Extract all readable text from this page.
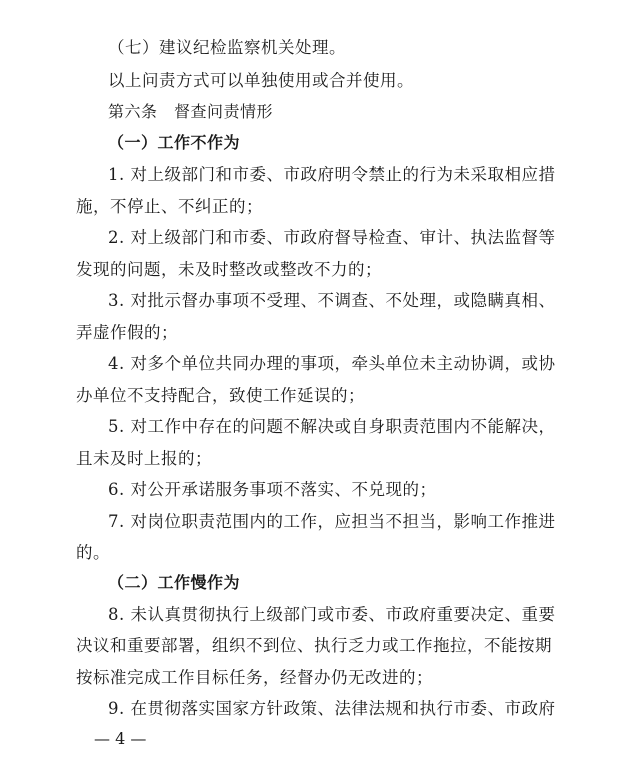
（七）建议纪检监察机关处理。
以上问责方式可以单独使用或合并使用。
第六条　督查问责情形
（一）工作不作为
1. 对上级部门和市委、市政府明令禁止的行为未采取相应措
施，不停止、不纠正的；
2. 对上级部门和市委、市政府督导检查、审计、执法监督等
发现的问题，未及时整改或整改不力的；
3. 对批示督办事项不受理、不调查、不处理，或隐瞒真相、
弄虚作假的；
4. 对多个单位共同办理的事项，牵头单位未主动协调，或协
办单位不支持配合，致使工作延误的；
5. 对工作中存在的问题不解决或自身职责范围内不能解决，
且未及时上报的；
6. 对公开承诺服务事项不落实、不兑现的；
7. 对岗位职责范围内的工作，应担当不担当，影响工作推进
的。
（二）工作慢作为
8. 未认真贯彻执行上级部门或市委、市政府重要决定、重要
决议和重要部署，组织不到位、执行乏力或工作拖拉，不能按期
按标准完成工作目标任务，经督办仍无改进的；
9. 在贯彻落实国家方针政策、法律法规和执行市委、市政府
— 4 —
